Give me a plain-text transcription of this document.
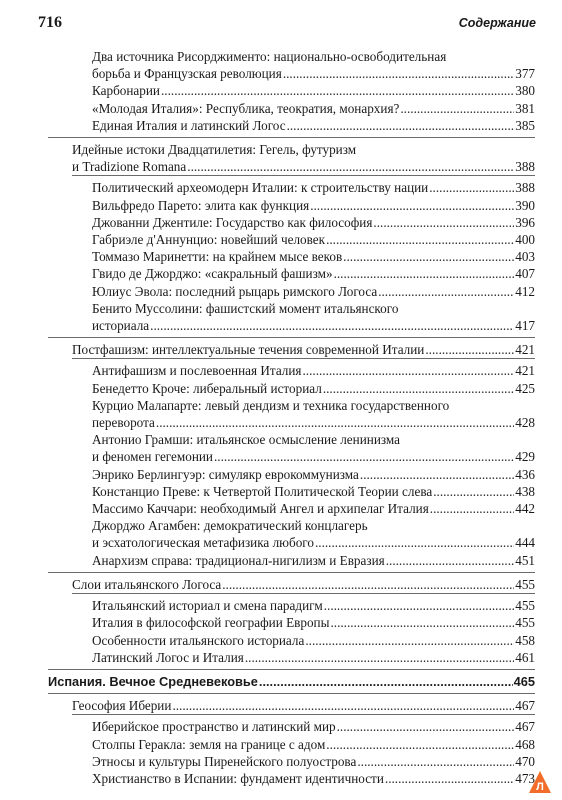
716	Содержание
Два источника Рисорджименто: национально-освободительная
борьба и Французская революция .....	377
Карбонарии .....	380
«Молодая Италия»: Республика, теократия, монархия? .....	381
Единая Италия и латинский Логос .....	385
Идейные истоки Двадцатилетия: Гегель, футуризм
и Tradizione Romana .....	388
Политический археомодерн Италии: к строительству нации .....	388
Вильфредо Парето: элита как функция .....	390
Джованни Джентиле: Государство как философия .....	396
Габриэле д'Аннунцио: новейший человек .....	400
Томмазо Маринетти: на крайнем мысе веков .....	403
Гвидо де Джорджо: «сакральный фашизм» .....	407
Юлиус Эвола: последний рыцарь римского Логоса .....	412
Бенито Муссолини: фашистский момент итальянского
историала .....	417
Постфашизм: интеллектуальные течения современной Италии .....	421
Антифашизм и послевоенная Италия .....	421
Бенедетто Кроче: либеральный историал .....	425
Курцио Малапарте: левый дендизм и техника государственного
переворота .....	428
Антонио Грамши: итальянское осмысление ленинизма
и феномен гегемонии .....	429
Энрико Берлингуэр: симулякр еврокоммунизма .....	436
Констанцио Преве: к Четвертой Политической Теории слева .....	438
Массимо Каччари: необходимый Ангел и архипелаг Италия .....	442
Джорджо Агамбен: демократический концлагерь
и эсхатологическая метафизика любого .....	444
Анархизм справа: традиционал-нигилизм и Евразия .....	451
Слои итальянского Логоса .....	455
Итальянский историал и смена парадигм .....	455
Италия в философской географии Европы .....	455
Особенности итальянского историала .....	458
Латинский Логос и Италия .....	461
Испания. Вечное Средневековье .....	465
Геософия Иберии .....	467
Иберийское пространство и латинский мир .....	467
Столпы Геракла: земля на границе с адом .....	468
Этносы и культуры Пиренейского полуострова .....	470
Христианство в Испании: фундамент идентичности .....	473
Л
